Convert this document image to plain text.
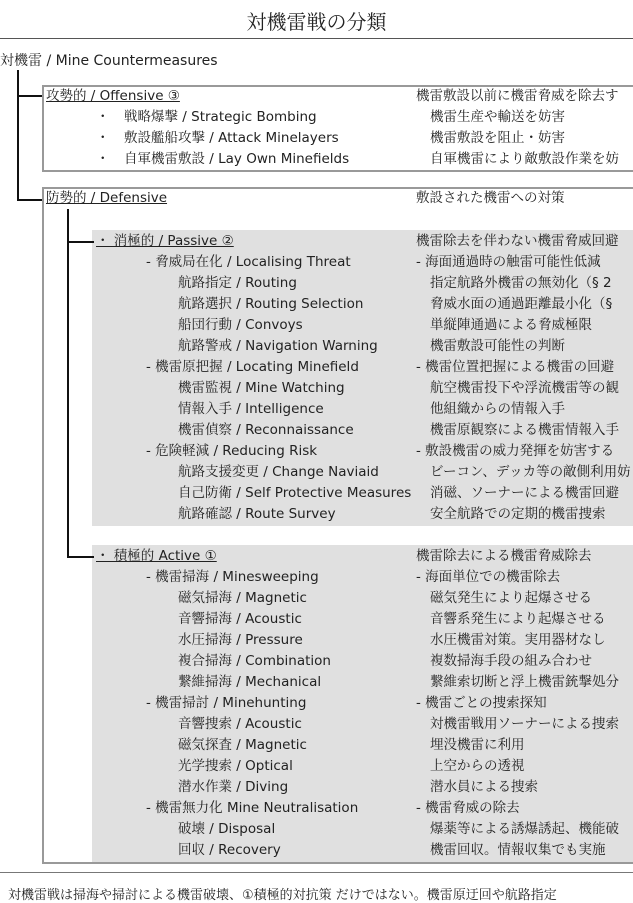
対機雷戦の分類
対機雷 / Mine Countermeasures
攻勢的 / Offensive ③	機雷敷設以前に機雷脅威を除去す
・ 戦略爆撃 / Strategic Bombing	機雷生産や輸送を妨害
・ 敷設艦船攻撃 / Attack Minelayers	機雷敷設を阻止・妨害
・ 自軍機雷敷設 / Lay Own Minefields	自軍機雷により敵敷設作業を妨
防勢的 / Defensive	敷設された機雷への対策
・ 消極的 / Passive ②	機雷除去を伴わない機雷脅威回避
- 脅威局在化 / Localising Threat	- 海面通過時の触雷可能性低減
航路指定 / Routing	指定航路外機雷の無効化（§ 2
航路選択 / Routing Selection	脅威水面の通過距離最小化（§
船団行動 / Convoys	単縦陣通過による脅威極限
航路警戒 / Navigation Warning	機雷敷設可能性の判断
- 機雷原把握 / Locating Minefield	- 機雷位置把握による機雷の回避
機雷監視 / Mine Watching	航空機雷投下や浮流機雷等の観
情報入手 / Intelligence	他組織からの情報入手
機雷偵察 / Reconnaissance	機雷原観察による機雷情報入手
- 危険軽減 / Reducing Risk	- 敷設機雷の威力発揮を妨害する
航路支援変更 / Change Naviaid	ビーコン、デッカ等の敵側利用妨
自己防衛 / Self Protective Measures 消磁、ソーナーによる機雷回避
航路確認 / Route Survey	安全航路での定期的機雷捜索
・ 積極的 Active ①	機雷除去による機雷脅威除去
- 機雷掃海 / Minesweeping	- 海面単位での機雷除去
磁気掃海 / Magnetic	磁気発生により起爆させる
音響掃海 / Acoustic	音響系発生により起爆させる
水圧掃海 / Pressure	水圧機雷対策。実用器材なし
複合掃海 / Combination	複数掃海手段の組み合わせ
繋維掃海 / Mechanical	繋維索切断と浮上機雷銃撃処分
- 機雷掃討 / Minehunting	- 機雷ごとの捜索探知
音響捜索 / Acoustic	対機雷戦用ソーナーによる捜索
磁気探査 / Magnetic	埋没機雷に利用
光学捜索 / Optical	上空からの透視
潜水作業 / Diving	潜水員による捜索
- 機雷無力化 Mine Neutralisation	- 機雷脅威の除去
破壊 / Disposal	爆薬等による誘爆誘起、機能破
回収 / Recovery	機雷回収。情報収集でも実施
対機雷戦は掃海や掃討による機雷破壊、①積極的対抗策 だけではない。機雷原迂回や航路指定
